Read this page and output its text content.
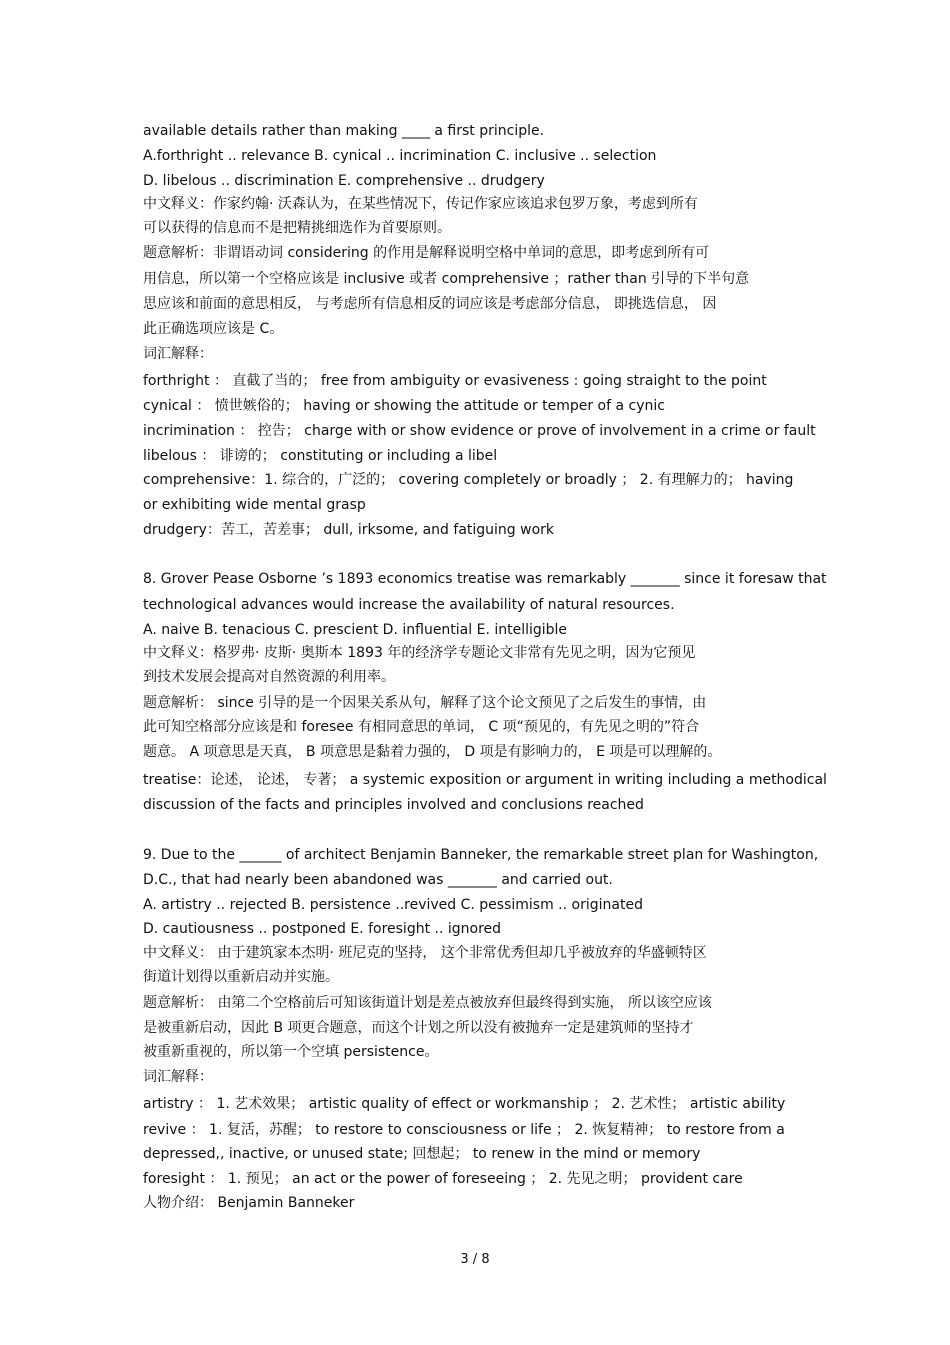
available details rather than making ____ a first principle.
A.forthright .. relevance B. cynical .. incrimination C. inclusive .. selection
D. libelous .. discrimination E. comprehensive .. drudgery
中文释义：作家约翰· 沃森认为，在某些情况下，传记作家应该追求包罗万象，考虑到所有
可以获得的信息而不是把精挑细选作为首要原则。
题意解析：非谓语动词 considering 的作用是解释说明空格中单词的意思，即考虑到所有可
用信息，所以第一个空格应该是 inclusive 或者 comprehensive ；rather than 引导的下半句意
思应该和前面的意思相反， 与考虑所有信息相反的词应该是考虑部分信息， 即挑选信息， 因
此正确选项应该是 C。
词汇解释：
forthright ： 直截了当的； free from ambiguity or evasiveness : going straight to the point
cynical ： 愤世嫉俗的； having or showing the attitude or temper of a cynic
incrimination ： 控告； charge with or show evidence or prove of involvement in a crime or fault
libelous ： 诽谤的； constituting or including a libel
comprehensive：1. 综合的，广泛的； covering completely or broadly ； 2. 有理解力的； having
or exhibiting wide mental grasp
drudgery：苦工，苦差事； dull, irksome, and fatiguing work
8. Grover Pease Osborne ’s 1893 economics treatise was remarkably _______ since it foresaw that
technological advances would increase the availability of natural resources.
A. naive B. tenacious C. prescient D. influential E. intelligible
中文释义：格罗弗· 皮斯· 奥斯本 1893 年的经济学专题论文非常有先见之明，因为它预见
到技术发展会提高对自然资源的利用率。
题意解析： since 引导的是一个因果关系从句，解释了这个论文预见了之后发生的事情，由
此可知空格部分应该是和 foresee 有相同意思的单词， C 项“预见的，有先见之明的”符合
题意。 A 项意思是天真， B 项意思是黏着力强的， D 项是有影响力的， E 项是可以理解的。
treatise：论述， 论述， 专著； a systemic exposition or argument in writing including a methodical
discussion of the facts and principles involved and conclusions reached
9. Due to the ______ of architect Benjamin Banneker, the remarkable street plan for Washington,
D.C., that had nearly been abandoned was _______ and carried out.
A. artistry .. rejected B. persistence ..revived C. pessimism .. originated
D. cautiousness .. postponed E. foresight .. ignored
中文释义： 由于建筑家本杰明· 班尼克的坚持， 这个非常优秀但却几乎被放弃的华盛顿特区
街道计划得以重新启动并实施。
题意解析： 由第二个空格前后可知该街道计划是差点被放弃但最终得到实施， 所以该空应该
是被重新启动，因此 B 项更合题意，而这个计划之所以没有被抛弃一定是建筑师的坚持才
被重新重视的，所以第一个空填 persistence。
词汇解释：
artistry ： 1. 艺术效果； artistic quality of effect or workmanship ； 2. 艺术性； artistic ability
revive ： 1. 复活，苏醒； to restore to consciousness or life ； 2. 恢复精神； to restore from a
depressed,, inactive, or unused state; 回想起； to renew in the mind or memory
foresight ： 1. 预见； an act or the power of foreseeing ； 2. 先见之明； provident care
人物介绍： Benjamin Banneker
3 / 8
